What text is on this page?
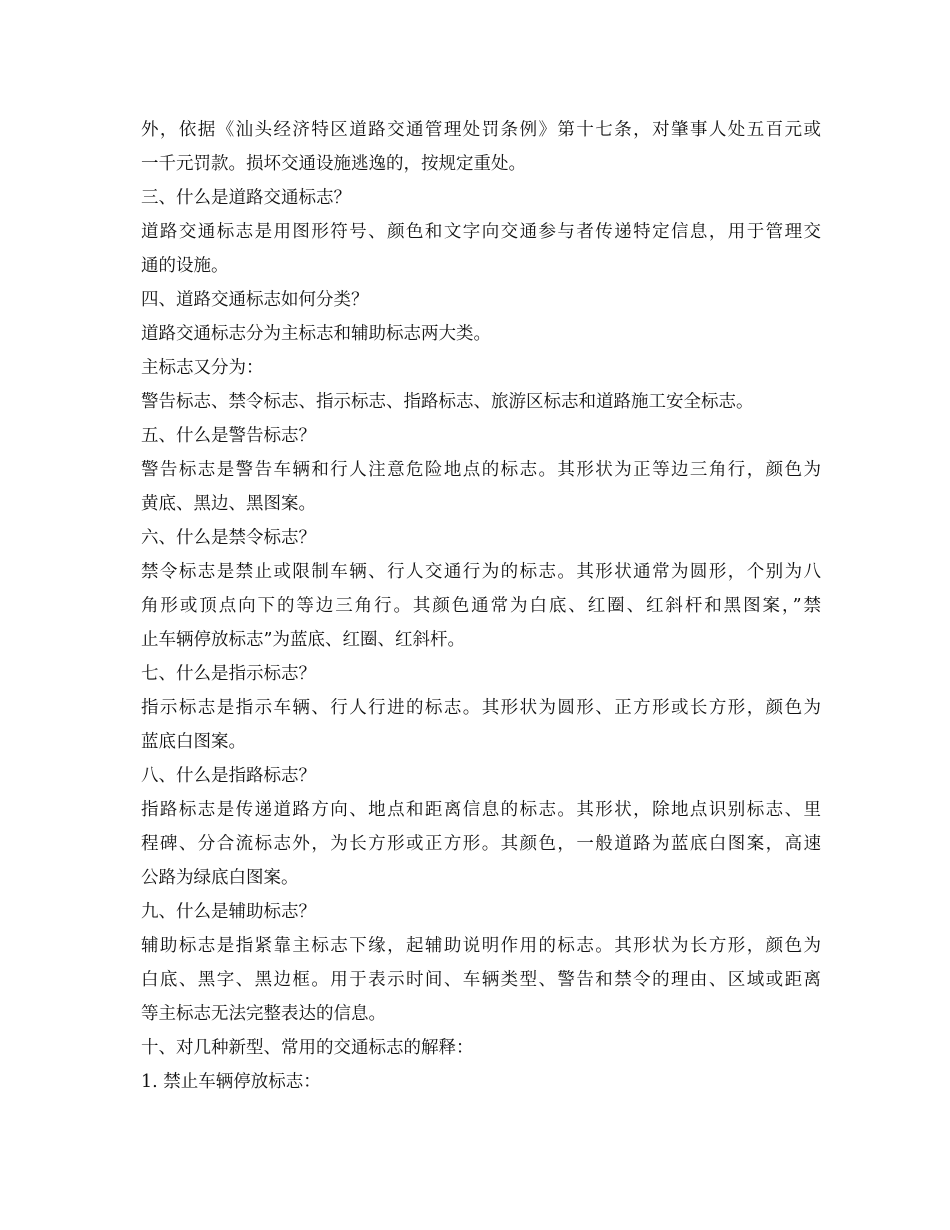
外，依据《汕头经济特区道路交通管理处罚条例》第十七条，对肇事人处五百元或
一千元罚款。损坏交通设施逃逸的，按规定重处。
三、什么是道路交通标志？
道路交通标志是用图形符号、颜色和文字向交通参与者传递特定信息，用于管理交
通的设施。
四、道路交通标志如何分类？
道路交通标志分为主标志和辅助标志两大类。
主标志又分为：
警告标志、禁令标志、指示标志、指路标志、旅游区标志和道路施工安全标志。
五、什么是警告标志？
警告标志是警告车辆和行人注意危险地点的标志。其形状为正等边三角行，颜色为
黄底、黑边、黑图案。
六、什么是禁令标志？
禁令标志是禁止或限制车辆、行人交通行为的标志。其形状通常为圆形，个别为八
角形或顶点向下的等边三角行。其颜色通常为白底、红圈、红斜杆和黑图案，”禁
止车辆停放标志”为蓝底、红圈、红斜杆。
七、什么是指示标志？
指示标志是指示车辆、行人行进的标志。其形状为圆形、正方形或长方形，颜色为
蓝底白图案。
八、什么是指路标志？
指路标志是传递道路方向、地点和距离信息的标志。其形状，除地点识别标志、里
程碑、分合流标志外，为长方形或正方形。其颜色，一般道路为蓝底白图案，高速
公路为绿底白图案。
九、什么是辅助标志？
辅助标志是指紧靠主标志下缘，起辅助说明作用的标志。其形状为长方形，颜色为
白底、黑字、黑边框。用于表示时间、车辆类型、警告和禁令的理由、区域或距离
等主标志无法完整表达的信息。
十、对几种新型、常用的交通标志的解释：
1. 禁止车辆停放标志：
